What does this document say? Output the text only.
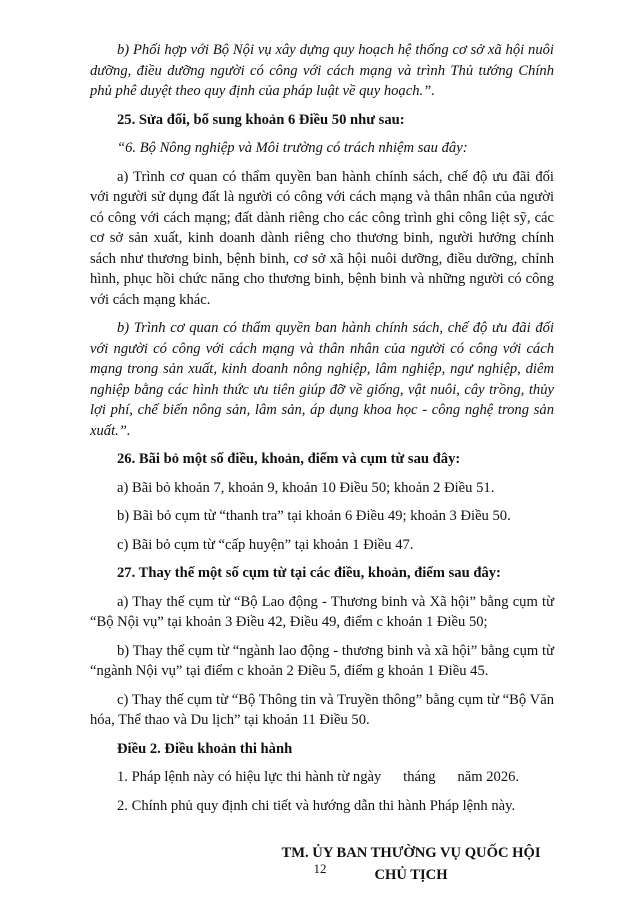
b) Phối hợp với Bộ Nội vụ xây dựng quy hoạch hệ thống cơ sở xã hội nuôi dưỡng, điều dưỡng người có công với cách mạng và trình Thủ tướng Chính phủ phê duyệt theo quy định của pháp luật về quy hoạch.”.

25. Sửa đổi, bổ sung khoản 6 Điều 50 như sau:

“6. Bộ Nông nghiệp và Môi trường có trách nhiệm sau đây:

a) Trình cơ quan có thẩm quyền ban hành chính sách, chế độ ưu đãi đối với người sử dụng đất là người có công với cách mạng và thân nhân của người có công với cách mạng; đất dành riêng cho các công trình ghi công liệt sỹ, các cơ sở sản xuất, kinh doanh dành riêng cho thương binh, người hưởng chính sách như thương binh, bệnh binh, cơ sở xã hội nuôi dưỡng, điều dưỡng, chỉnh hình, phục hồi chức năng cho thương binh, bệnh binh và những người có công với cách mạng khác.

b) Trình cơ quan có thẩm quyền ban hành chính sách, chế độ ưu đãi đối với người có công với cách mạng và thân nhân của người có công với cách mạng trong sản xuất, kinh doanh nông nghiệp, lâm nghiệp, ngư nghiệp, diêm nghiệp bằng các hình thức ưu tiên giúp đỡ về giống, vật nuôi, cây trồng, thủy lợi phí, chế biến nông sản, lâm sản, áp dụng khoa học - công nghệ trong sản xuất.”.

26. Bãi bỏ một số điều, khoản, điểm và cụm từ sau đây:

a) Bãi bỏ khoản 7, khoản 9, khoản 10 Điều 50; khoản 2 Điều 51.

b) Bãi bỏ cụm từ “thanh tra” tại khoản 6 Điều 49; khoản 3 Điều 50.

c) Bãi bỏ cụm từ “cấp huyện” tại khoản 1 Điều 47.

27. Thay thế một số cụm từ tại các điều, khoản, điểm sau đây:

a) Thay thế cụm từ “Bộ Lao động - Thương binh và Xã hội” bằng cụm từ “Bộ Nội vụ” tại khoản 3 Điều 42, Điều 49, điểm c khoản 1 Điều 50;

b) Thay thế cụm từ “ngành lao động - thương binh và xã hội” bằng cụm từ “ngành Nội vụ” tại điểm c khoản 2 Điều 5, điểm g khoản 1 Điều 45.

c) Thay thế cụm từ “Bộ Thông tin và Truyền thông” bằng cụm từ “Bộ Văn hóa, Thể thao và Du lịch” tại khoản 11 Điều 50.

Điều 2. Điều khoản thi hành

1. Pháp lệnh này có hiệu lực thi hành từ ngày      tháng      năm 2026.

2. Chính phủ quy định chi tiết và hướng dẫn thi hành Pháp lệnh này.

TM. ỦY BAN THƯỜNG VỤ QUỐC HỘI
CHỦ TỊCH
12
